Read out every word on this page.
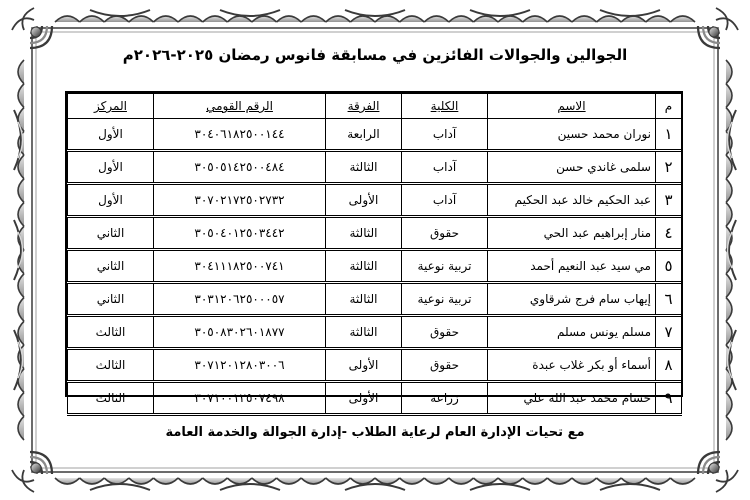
الجوالين والجوالات الفائزين في مسابقة فانوس رمضان ٢٠٢٥-٢٠٢٦م
م	الاسم	الكلية	الفرقة	الرقم القومي	المركز
١	نوران محمد حسين	آداب	الرابعة	٣٠٤٠٦١٨٢٥٠٠١٤٤	الأول
٢	سلمى غاندي حسن	آداب	الثالثة	٣٠٥٠٥١٤٢٥٠٠٤٨٤	الأول
٣	عبد الحكيم خالد عبد الحكيم	آداب	الأولى	٣٠٧٠٢١٧٢٥٠٢٧٣٢	الأول
٤	منار إبراهيم عبد الحي	حقوق	الثالثة	٣٠٥٠٤٠١٢٥٠٣٤٤٢	الثاني
٥	مي سيد عبد النعيم أحمد	تربية نوعية	الثالثة	٣٠٤١١١٨٢٥٠٠٧٤١	الثاني
٦	إيهاب سام فرج شرقاوي	تربية نوعية	الثالثة	٣٠٣١٢٠٦٢٥٠٠٠٥٧	الثاني
٧	مسلم يونس مسلم	حقوق	الثالثة	٣٠٥٠٨٣٠٢٦٠١٨٧٧	الثالث
٨	أسماء أو بكر غلاب عبدة	حقوق	الأولى	٣٠٧١٢٠١٢٨٠٣٠٠٦	الثالث
٩	حسام محمد عبد الله علي	زراعة	الأولى	٣٠٧١٠٠١٢٥٠٧٤٩٨	الثالث
مع تحيات الإدارة العام لرعاية الطلاب -إدارة الجوالة والخدمة العامة
